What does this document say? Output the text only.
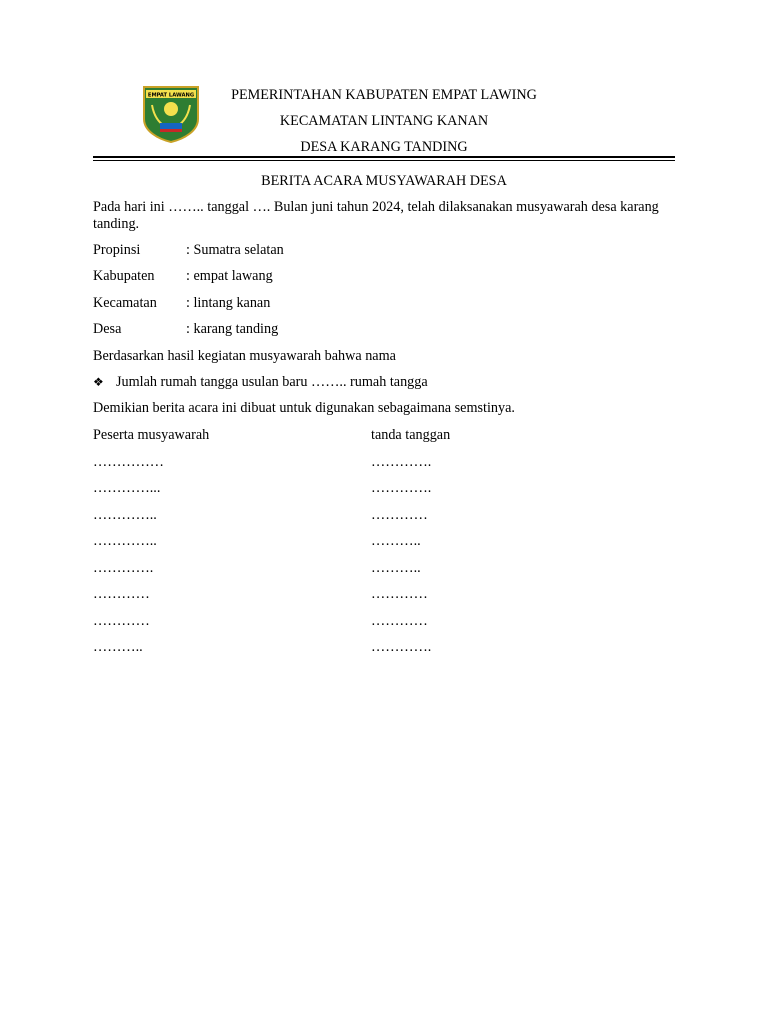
EMPAT LAWANG	PEMERINTAHAN KABUPATEN EMPAT LAWING
KECAMATAN LINTANG KANAN
DESA KARANG TANDING
BERITA ACARA MUSYAWARAH DESA
Pada hari ini …….. tanggal …. Bulan juni tahun 2024, telah dilaksanakan musyawarah desa karang tanding.
Propinsi	: Sumatra selatan
Kabupaten : empat lawang
Kecamatan : lintang kanan
Desa	: karang tanding
Berdasarkan hasil kegiatan musyawarah bahwa nama
❖ Jumlah rumah tangga usulan baru …….. rumah tangga
Demikian berita acara ini dibuat untuk digunakan sebagaimana semstinya.
Peserta musyawarah	tanda tanggan
……………	………….
…………...	………….
…………..	…………
…………..	………..
………….	………..
…………	…………
…………	…………
………..	………….
